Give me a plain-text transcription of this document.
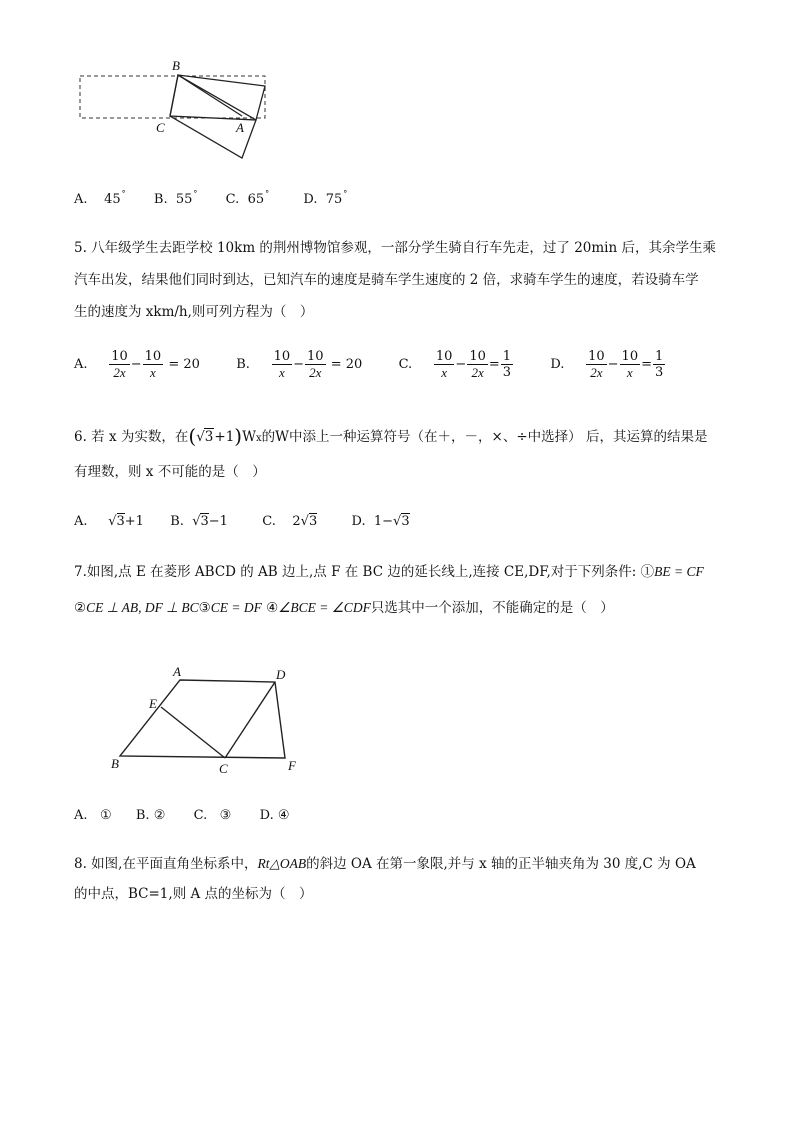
B
C	A
A. 45° B. 55° C. 65°	D. 75°
5. 八年级学生去距学校 10km 的荆州博物馆参观，一部分学生骑自行车先走，过了 20min 后，其余学生乘
汽车出发，结果他们同时到达，已知汽车的速度是骑车学生速度的 2 倍，求骑车学生的速度，若设骑车学
生的速度为 xkm/h,则可列方程为（　）
A. $\frac{10}{2x} - \frac{10}{x} = 20$	B. $\frac{10}{x} - \frac{10}{2x} = 20$	C. $\frac{10}{x} - \frac{10}{2x} = \frac{1}{3}$	D. $\frac{10}{2x} - \frac{10}{x} = \frac{1}{3}$
6. 若 x 为实数，在(√3+1)Wx的W中添上一种运算符号（在＋，－，×、÷中选择） 后，其运算的结果是
有理数，则 x 不可能的是（　）
A. √3+1 B. √3−1	C. 2√3	D. 1−√3
7.如图,点 E 在菱形 ABCD 的 AB 边上,点 F 在 BC 边的延长线上,连接 CE,DF,对于下列条件: ①BE = CF
②CE ⊥ AB, DF ⊥ BC③CE = DF ④∠BCE = ∠CDF只选其中一个添加，不能确定的是（　）
A	D
E
B	C	F
A. ① B. ② C. ③ D. ④
8. 如图,在平面直角坐标系中，Rt△OAB的斜边 OA 在第一象限,并与 x 轴的正半轴夹角为 30 度,C 为 OA
的中点，BC=1,则 A 点的坐标为（　）
